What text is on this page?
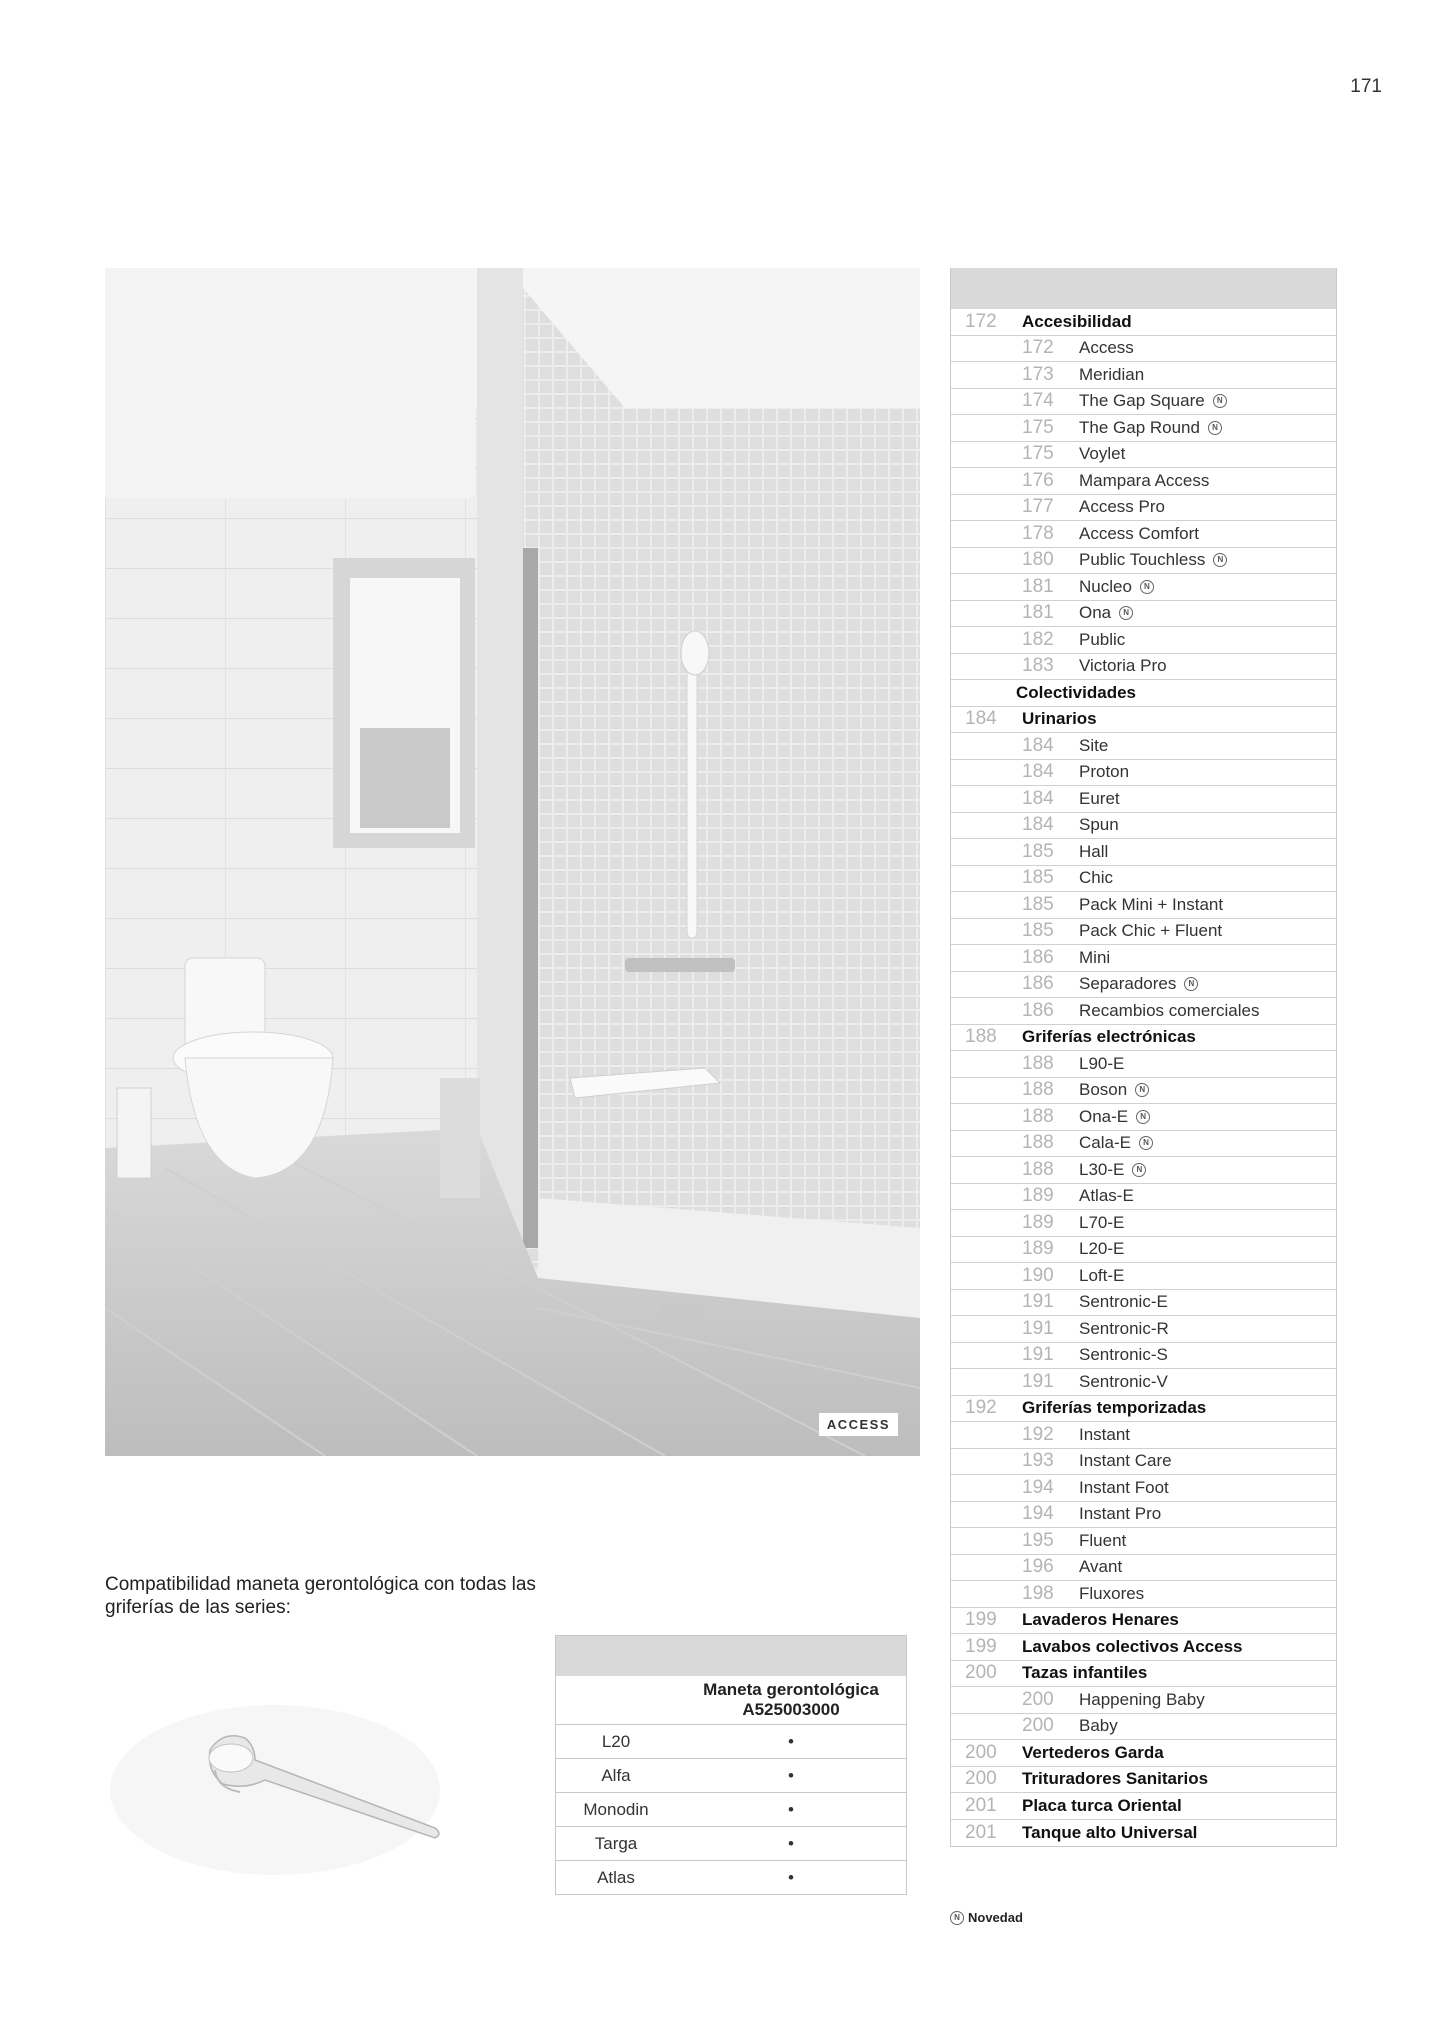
171
ACCESS
Compatibilidad maneta gerontológica con todas las griferías de las series:
Maneta gerontológica A525003000
L20	•
Alfa	•
Monodin	•
Targa	•
Atlas	•
172	Accesibilidad
172	Access
173	Meridian
174	The Gap Square	N
175	The Gap Round	N
175	Voylet
176	Mampara Access
177	Access Pro
178	Access Comfort
180	Public Touchless	N
181	Nucleo	N
181	Ona	N
182	Public
183	Victoria Pro
Colectividades
184	Urinarios
184	Site
184	Proton
184	Euret
184	Spun
185	Hall
185	Chic
185	Pack Mini + Instant
185	Pack Chic + Fluent
186	Mini
186	Separadores	N
186	Recambios comerciales
188	Griferías electrónicas
188	L90-E
188	Boson	N
188	Ona-E	N
188	Cala-E	N
188	L30-E	N
189	Atlas-E
189	L70-E
189	L20-E
190	Loft-E
191	Sentronic-E
191	Sentronic-R
191	Sentronic-S
191	Sentronic-V
192	Griferías temporizadas
192	Instant
193	Instant Care
194	Instant Foot
194	Instant Pro
195	Fluent
196	Avant
198	Fluxores
199	Lavaderos Henares
199	Lavabos colectivos Access
200	Tazas infantiles
200	Happening Baby
200	Baby
200	Vertederos Garda
200	Trituradores Sanitarios
201	Placa turca Oriental
201	Tanque alto Universal
N Novedad
